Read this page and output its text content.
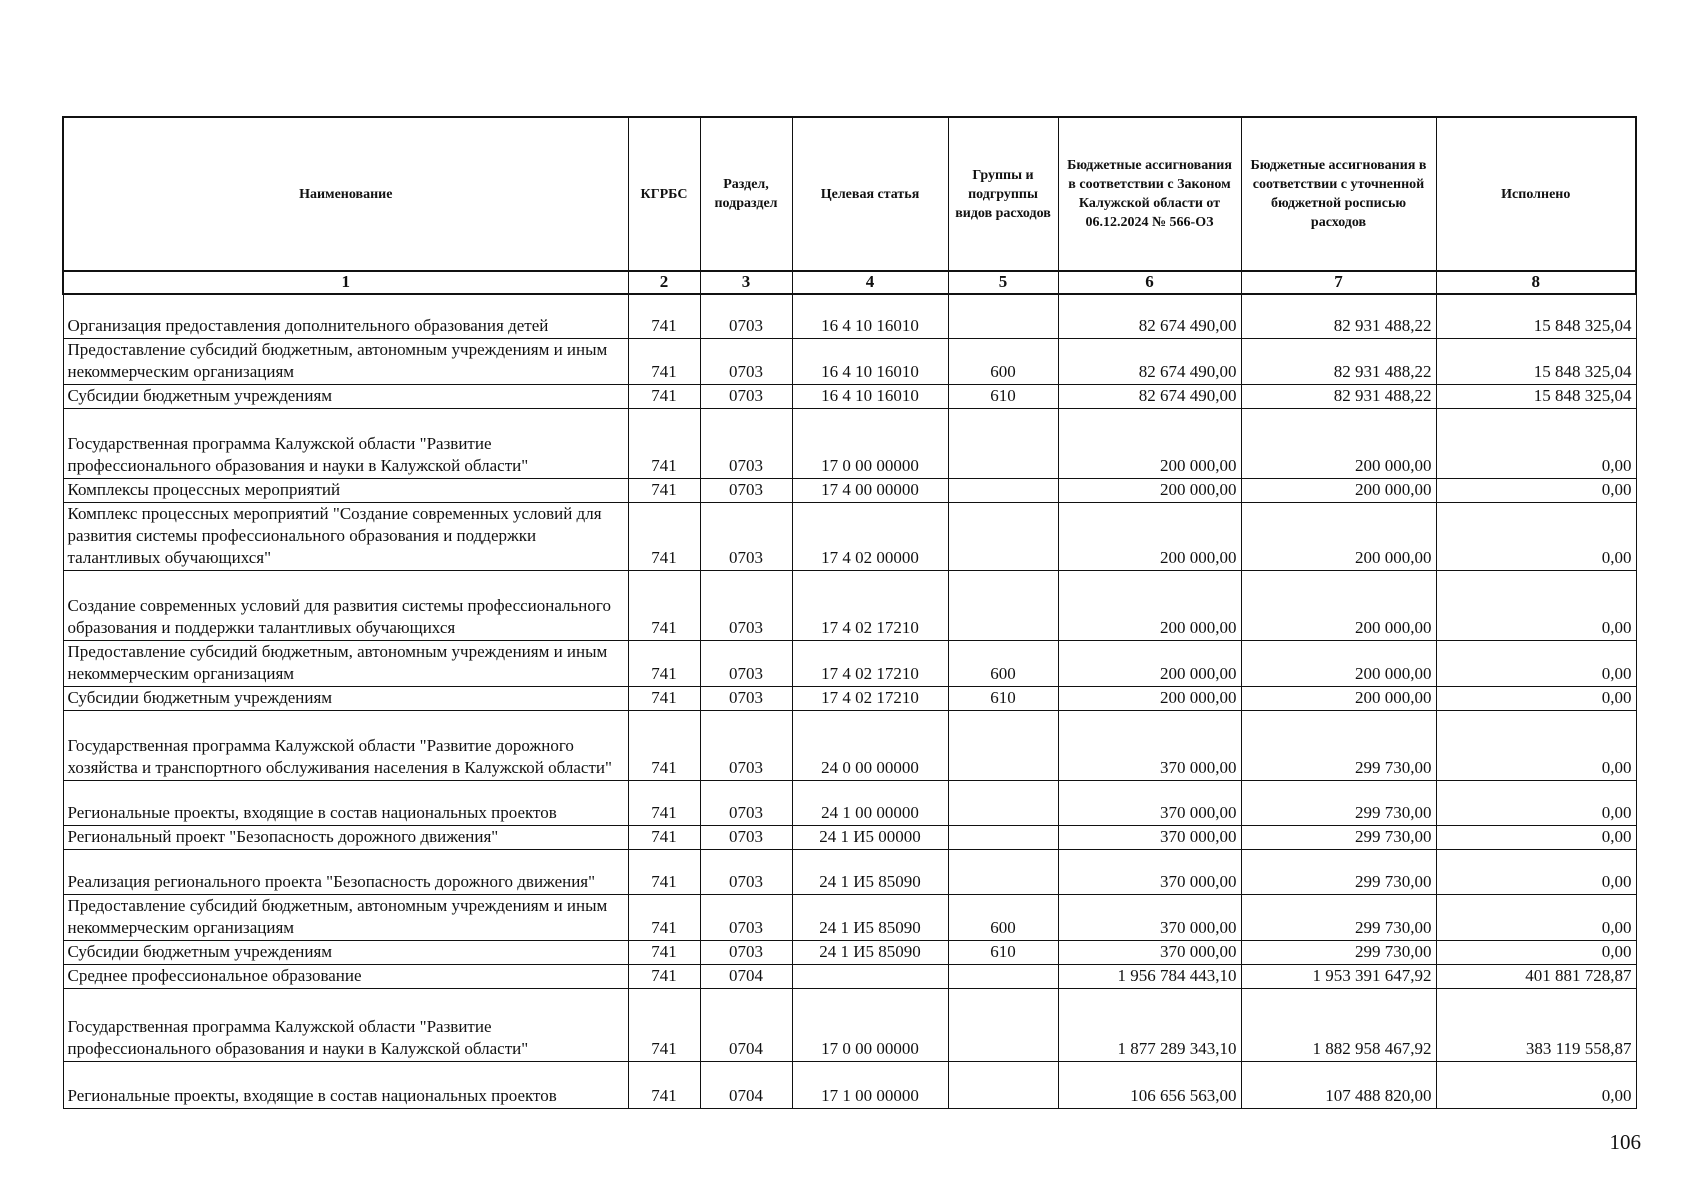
Наименование	КГРБС	Раздел, подраздел	Целевая статья	Группы и подгруппы видов расходов	Бюджетные ассигнования в соответствии с Законом Калужской области от 06.12.2024 № 566-ОЗ	Бюджетные ассигнования в соответствии с уточненной бюджетной росписью расходов	Исполнено
1	2	3	4	5	6	7	8
Организация предоставления дополнительного образования детей	741	0703	16 4 10 16010		82 674 490,00	82 931 488,22	15 848 325,04
Предоставление субсидий бюджетным, автономным учреждениям и иным некоммерческим организациям	741	0703	16 4 10 16010	600	82 674 490,00	82 931 488,22	15 848 325,04
Субсидии бюджетным учреждениям	741	0703	16 4 10 16010	610	82 674 490,00	82 931 488,22	15 848 325,04
Государственная программа Калужской области "Развитие профессионального образования и науки в Калужской области"	741	0703	17 0 00 00000		200 000,00	200 000,00	0,00
Комплексы процессных мероприятий	741	0703	17 4 00 00000		200 000,00	200 000,00	0,00
Комплекс процессных мероприятий "Создание современных условий для развития системы профессионального образования и поддержки талантливых обучающихся"	741	0703	17 4 02 00000		200 000,00	200 000,00	0,00
Создание современных условий для развития системы профессионального образования и поддержки талантливых обучающихся	741	0703	17 4 02 17210		200 000,00	200 000,00	0,00
Предоставление субсидий бюджетным, автономным учреждениям и иным некоммерческим организациям	741	0703	17 4 02 17210	600	200 000,00	200 000,00	0,00
Субсидии бюджетным учреждениям	741	0703	17 4 02 17210	610	200 000,00	200 000,00	0,00
Государственная программа Калужской области "Развитие дорожного хозяйства и транспортного обслуживания населения в Калужской области"	741	0703	24 0 00 00000		370 000,00	299 730,00	0,00
Региональные проекты, входящие в состав национальных проектов	741	0703	24 1 00 00000		370 000,00	299 730,00	0,00
Региональный проект "Безопасность дорожного движения"	741	0703	24 1 И5 00000		370 000,00	299 730,00	0,00
Реализация регионального проекта "Безопасность дорожного движения"	741	0703	24 1 И5 85090		370 000,00	299 730,00	0,00
Предоставление субсидий бюджетным, автономным учреждениям и иным некоммерческим организациям	741	0703	24 1 И5 85090	600	370 000,00	299 730,00	0,00
Субсидии бюджетным учреждениям	741	0703	24 1 И5 85090	610	370 000,00	299 730,00	0,00
Среднее профессиональное образование	741	0704			1 956 784 443,10	1 953 391 647,92	401 881 728,87
Государственная программа Калужской области "Развитие профессионального образования и науки в Калужской области"	741	0704	17 0 00 00000		1 877 289 343,10	1 882 958 467,92	383 119 558,87
Региональные проекты, входящие в состав национальных проектов	741	0704	17 1 00 00000		106 656 563,00	107 488 820,00	0,00
106
